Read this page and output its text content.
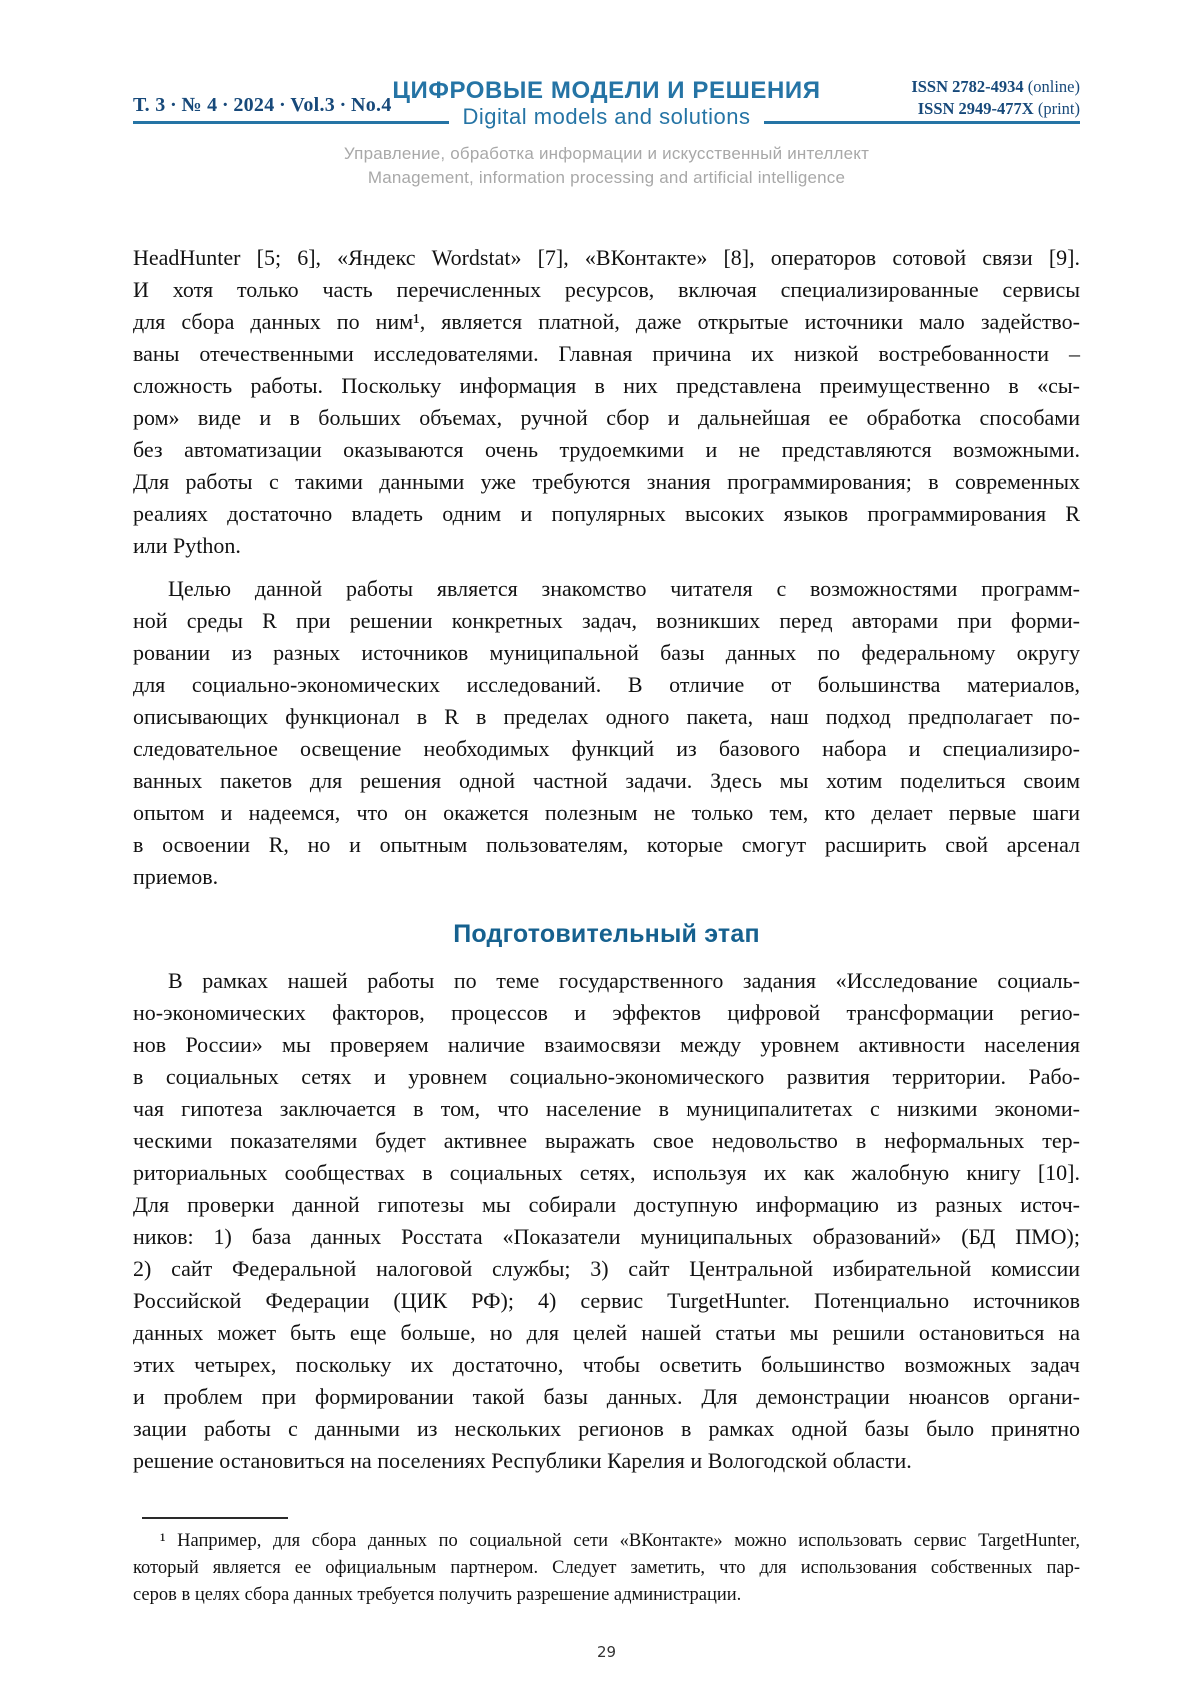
Т. 3 ∙ № 4 ∙ 2024 ∙ Vol.3 ∙ No.4
ISSN 2782-4934 (online)
ISSN 2949-477X (print)
ЦИФРОВЫЕ МОДЕЛИ И РЕШЕНИЯ
Digital models and solutions
Управление, обработка информации и искусственный интеллект
Management, information processing and artificial intelligence
HeadHunter [5; 6], «Яндекс Wordstat» [7], «ВКонтакте» [8], операторов сотовой связи [9].
И хотя только часть перечисленных ресурсов, включая специализированные сервисы
для сбора данных по ним¹, является платной, даже открытые источники мало задейство-
ваны отечественными исследователями. Главная причина их низкой востребованности –
сложность работы. Поскольку информация в них представлена преимущественно в «сы-
ром» виде и в больших объемах, ручной сбор и дальнейшая ее обработка способами
без автоматизации оказываются очень трудоемкими и не представляются возможными.
Для работы с такими данными уже требуются знания программирования; в современных
реалиях достаточно владеть одним и популярных высоких языков программирования R
или Python.
Целью данной работы является знакомство читателя с возможностями программ-
ной среды R при решении конкретных задач, возникших перед авторами при форми-
ровании из разных источников муниципальной базы данных по федеральному округу
для социально-экономических исследований. В отличие от большинства материалов,
описывающих функционал в R в пределах одного пакета, наш подход предполагает по-
следовательное освещение необходимых функций из базового набора и специализиро-
ванных пакетов для решения одной частной задачи. Здесь мы хотим поделиться своим
опытом и надеемся, что он окажется полезным не только тем, кто делает первые шаги
в освоении R, но и опытным пользователям, которые смогут расширить свой арсенал
приемов.
Подготовительный этап
В рамках нашей работы по теме государственного задания «Исследование социаль-
но-экономических факторов, процессов и эффектов цифровой трансформации регио-
нов России» мы проверяем наличие взаимосвязи между уровнем активности населения
в социальных сетях и уровнем социально-экономического развития территории. Рабо-
чая гипотеза заключается в том, что население в муниципалитетах с низкими экономи-
ческими показателями будет активнее выражать свое недовольство в неформальных тер-
риториальных сообществах в социальных сетях, используя их как жалобную книгу [10].
Для проверки данной гипотезы мы собирали доступную информацию из разных источ-
ников: 1) база данных Росстата «Показатели муниципальных образований» (БД ПМО);
2) сайт Федеральной налоговой службы; 3) сайт Центральной избирательной комиссии
Российской Федерации (ЦИК РФ); 4) сервис TurgetHunter. Потенциально источников
данных может быть еще больше, но для целей нашей статьи мы решили остановиться на
этих четырех, поскольку их достаточно, чтобы осветить большинство возможных задач
и проблем при формировании такой базы данных. Для демонстрации нюансов органи-
зации работы с данными из нескольких регионов в рамках одной базы было принятно
решение остановиться на поселениях Республики Карелия и Вологодской области.
¹ Например, для сбора данных по социальной сети «ВКонтакте» можно использовать сервис TargetHunter,
который является ее официальным партнером. Следует заметить, что для использования собственных пар-
серов в целях сбора данных требуется получить разрешение администрации.
29
